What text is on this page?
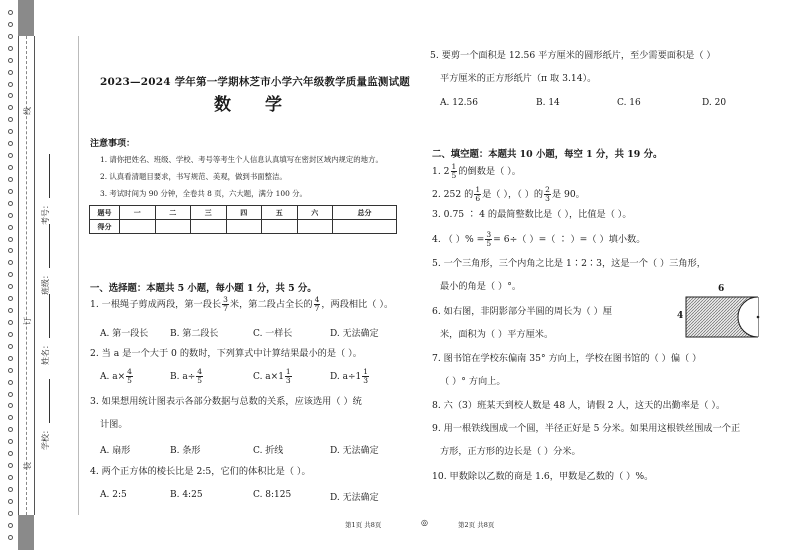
装
订
线
考号：
班级：
姓名：
学校：
2023—2024 学年第一学期林芝市小学六年级教学质量监测试题
数 学
注意事项：
1. 请你把姓名、班级、学校、考号等考生个人信息认真填写在密封区域内规定的地方。
2. 认真看清题目要求，书写规范、美观，做到书面整洁。
3. 考试时间为 90 分钟，全卷共 8 页，六大题，满分 100 分。
题号	一	二	三	四	五	六	总分
得分							
一、选择题：本题共 5 小题，每小题 1 分，共 5 分。
1. 一根绳子剪成两段，第一段长 $\frac{3}{7}$ 米，第二段占全长的 $\frac{4}{7}$ ，两段相比（ ）。
A. 第一段长 B. 第二段长	C. 一样长	D. 无法确定
2. 当 a 是一个大于 0 的数时，下列算式中计算结果最小的是（ ）。
A. $a\times \frac{4}{5}$	B. $a\div \frac{4}{5}$	C. $a\times 1 \frac{1}{3}$	D. $a\div 1 \frac{1}{3}$
3. 如果想用统计图表示各部分数据与总数的关系，应该选用（ ）统
计图。
A. 扇形	B. 条形	C. 折线	D. 无法确定
4. 两个正方体的棱长比是 2:5，它们的体积比是（ ）。
A. 2:5	B. 4:25	C. 8:125	D. 无法确定
5. 要剪一个面积是 12.56 平方厘米的圆形纸片，至少需要面积是（ ）
平方厘米的正方形纸片（π 取 3.14）。
A. 12.56	B. 14	C. 16	D. 20
二、填空题：本题共 10 小题，每空 1 分，共 19 分。
1. $2 \frac{1}{5}$ 的倒数是（ ）。
2. 252 的 $\frac{1}{6}$ 是（ ），（ ）的 $\frac{2}{3}$ 是 90。
3. 0.75 ∶ 4 的最简整数比是（ ），比值是（ ）。
4. （ ）% = $\frac{3}{5} = 6\div$（ ）=（ ∶ ）=（ ）填小数。
5. 一个三角形，三个内角之比是 1∶2∶3，这是一个（ ）三角形，
最小的角是（ ）°。
6. 如右图，非阴影部分半圆的周长为（ ）厘
米，面积为（ ）平方厘米。
7. 图书馆在学校东偏南 35° 方向上，学校在图书馆的（ ）偏（ ）
（ ）° 方向上。
8. 六（3）班某天到校人数是 48 人，请假 2 人，这天的出勤率是（ ）。
9. 用一根铁线围成一个圆，半径正好是 5 分米。如果用这根铁丝围成一个正
方形，正方形的边长是（ ）分米。
10. 甲数除以乙数的商是 1.6，甲数是乙数的（ ）%。
6
4
第1页 共8页	◎	第2页 共8页
